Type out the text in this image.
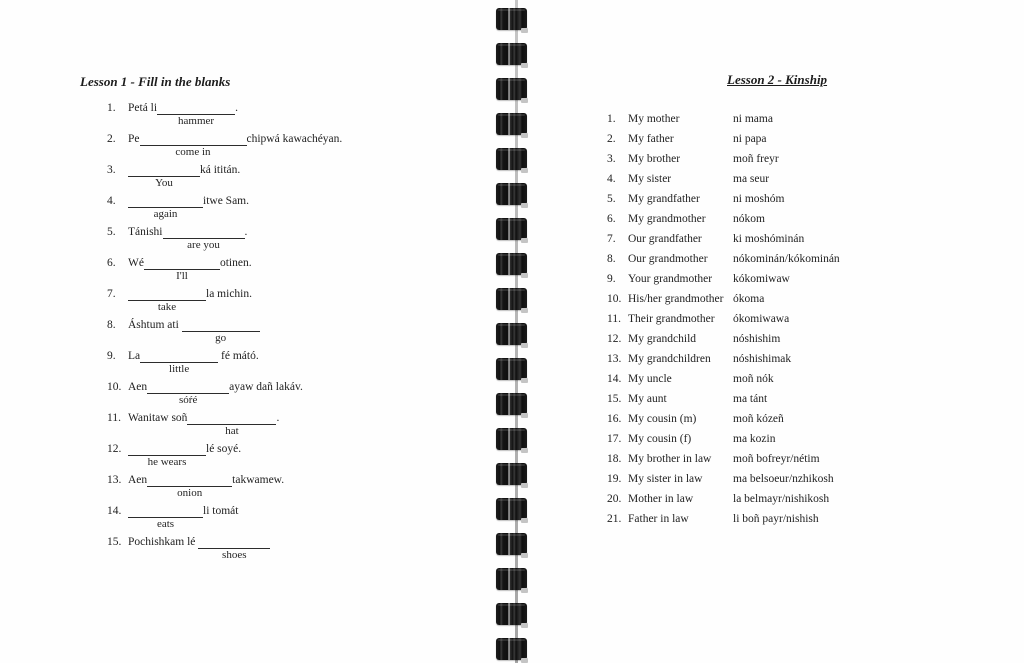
Lesson 1 - Fill in the blanks
1. Petá li
hammer
.
2. Pe
come in
chipwá kawachéyan.
3.
You
ká ititán.
4.
again
itwe Sam.
5. Tánishi
are you
.
6. Wé
I'll
otinen.
7.
take
la michin.
8. Áshtum ati
go
9. La
little
fé mátó.
10. Aen
sóŕé
ayaw dañ lakáv.
11. Wanitaw soñ
hat
.
12.
he wears
lé soyé.
13. Aen
onion
takwamew.
14.
eats
li tomát
15. Pochishkam lé
shoes
Lesson 2 - Kinship
1.	My mother	ni mama
2.	My father	ni papa
3.	My brother	moñ freyr
4.	My sister	ma seur
5.	My grandfather	ni moshóm
6.	My grandmother	nókom
7.	Our grandfather	ki moshóminán
8.	Our grandmother	nókominán/kókominán
9.	Your grandmother	kókomiwaw
10. His/her grandmother ókoma
11. Their grandmother	ókomiwawa
12. My grandchild	nóshishim
13. My grandchildren	nóshishimak
14. My uncle	moñ nók
15. My aunt	ma tánt
16. My cousin (m)	moñ kózeñ
17. My cousin (f)	ma kozin
18. My brother in law	moñ bofreyr/nétim
19. My sister in law	ma belsoeur/nzhikosh
20. Mother in law	la belmayr/nishikosh
21. Father in law	li boñ payr/nishish
